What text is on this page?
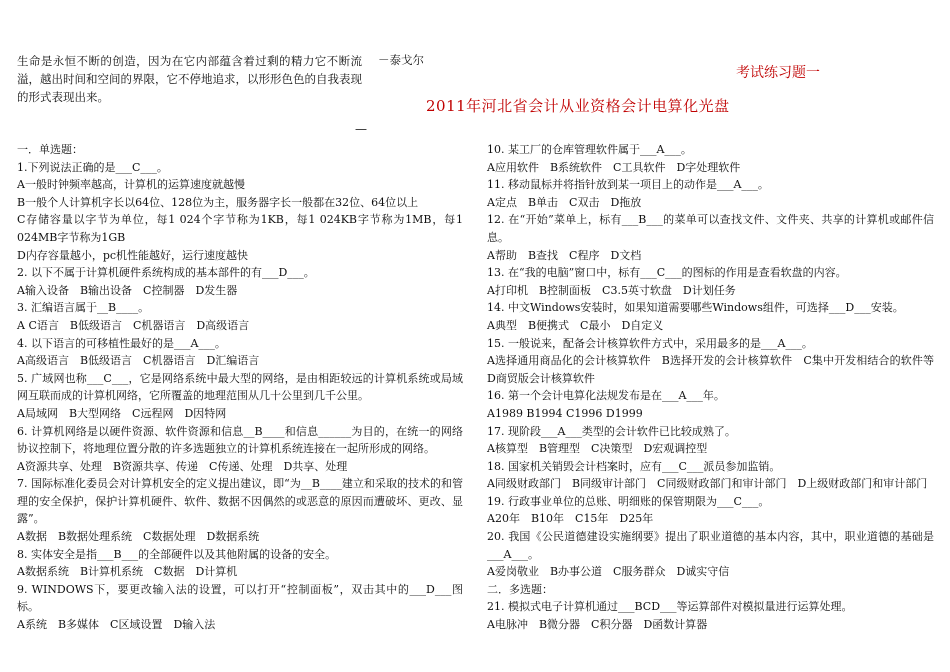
生命是永恒不断的创造，因为在它内部蕴含着过剩的精力它不断流溢，越出时间和空间的界限，它不停地追求，以形形色色的自我表现的形式表现出来。
－泰戈尔
考试练习题一
2011年河北省会计从业资格会计电算化光盘
—

一．单选题：

1.下列说法正确的是___C___。

A一般时钟频率越高，计算机的运算速度就越慢

B一般个人计算机字长以64位、128位为主，服务器字长一般都在32位、64位以上

C存储容量以字节为单位，每1 024个字节称为1KB，每1 024KB字节称为1MB，每1 024MB字节称为1GB

D内存容量越小，pc机性能越好，运行速度越快

2. 以下不属于计算机硬件系统构成的基本部件的有___D___。

A输入设备　B输出设备　C控制器　D发生器

3. 汇编语言属于__B____。

A C语言　B低级语言　C机器语言　D高级语言

4. 以下语言的可移植性最好的是___A___。

A高级语言　B低级语言　C机器语言　D汇编语言

5. 广域网也称___C___，它是网络系统中最大型的网络，是由相距较远的计算机系统或局域网互联而成的计算机网络，它所覆盖的地理范围从几十公里到几千公里。

A局域网　B大型网络　C远程网　D因特网

6. 计算机网络是以硬件资源、软件资源和信息__B____和信息______为目的，在统一的网络协议控制下，将地理位置分散的许多选题独立的计算机系统连接在一起所形成的网络。

A资源共享、处理　B资源共享、传递　C传递、处理　D共享、处理

7. 国际标准化委员会对计算机安全的定义提出建议，即“为__B____建立和采取的技术的和管理的安全保护，保护计算机硬件、软件、数据不因偶然的或恶意的原因而遭破坏、更改、显露”。

A数据　B数据处理系统　C数据处理　D数据系统

8. 实体安全是指___B___的全部硬件以及其他附属的设备的安全。

A数据系统　B计算机系统　C数据　D计算机

9. WINDOWS下，要更改输入法的设置，可以打开“控制面板”，双击其中的___D___图标。

A系统　B多媒体　C区域设置　D输入法

10. 某工厂的仓库管理软件属于___A___。

A应用软件　B系统软件　C工具软件　D字处理软件

11. 移动鼠标并将指针放到某一项目上的动作是___A___。

A定点　B单击　C双击　D拖放

12. 在“开始”菜单上，标有___B___的菜单可以查找文件、文件夹、共享的计算机或邮件信息。

A帮助　B查找　C程序　D文档

13. 在“我的电脑”窗口中，标有___C___的图标的作用是查看软盘的内容。

A打印机　B控制面板　C3.5英寸软盘　D计划任务

14. 中文Windows安装时，如果知道需要哪些Windows组件，可选择___D___安装。

A典型　B便携式　C最小　D自定义

15. 一般说来，配备会计核算软件方式中，采用最多的是___A___。

A选择通用商品化的会计核算软件　B选择开发的会计核算软件　C集中开发相结合的软件等　D商贸版会计核算软件

16. 第一个会计电算化法规发布是在___A___年。

A1989 B1994 C1996 D1999

17. 现阶段___A___类型的会计软件已比较成熟了。

A核算型　B管理型　C决策型　D宏观调控型

18. 国家机关销毁会计档案时，应有___C___派员参加监销。

A同级财政部门　B同级审计部门　C同级财政部门和审计部门　D上级财政部门和审计部门

19. 行政事业单位的总账、明细账的保管期限为___C___。

A20年　B10年　C15年　D25年

20. 我国《公民道德建设实施纲要》提出了职业道德的基本内容，其中，职业道德的基础是___A___。

A爱岗敬业　B办事公道　C服务群众　D诚实守信

二．多选题：

21. 模拟式电子计算机通过___BCD___等运算部件对模拟量进行运算处理。

A电脉冲　B微分器　C积分器　D函数计算器
